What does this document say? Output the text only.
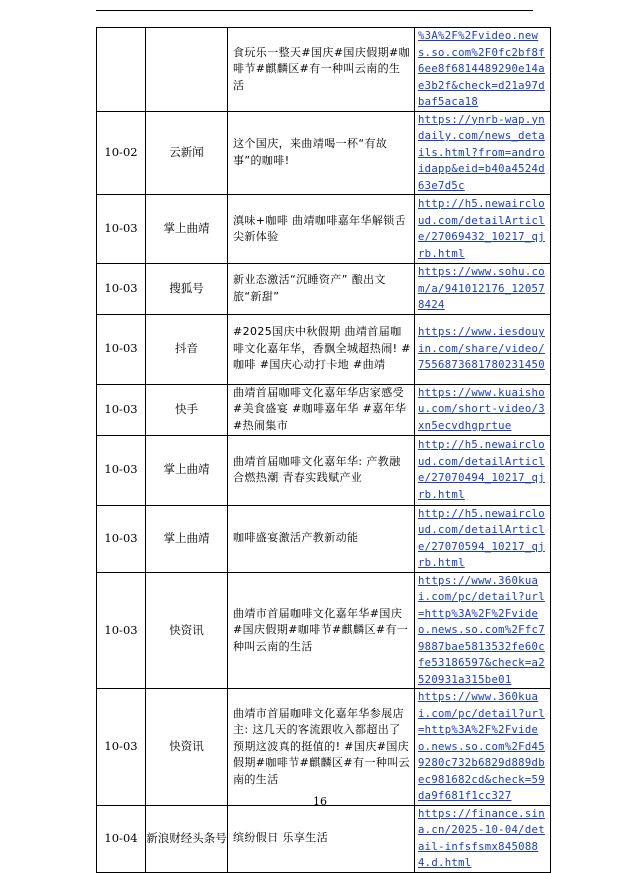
		食玩乐一整天#国庆#国庆假期#咖啡节#麒麟区#有一种叫云南的生活	%3A%2F%2Fvideo.news.so.com%2F0fc2bf8f6ee8f6814489290e14ae3b2f&check=d21a97dbaf5aca18

10-02	云新闻	这个国庆，来曲靖喝一杯“有故事”的咖啡!	https://ynrb-wap.yndaily.com/news_details.html?from=androidapp&eid=b40a4524d63e7d5c

10-03	掌上曲靖	滇味+咖啡 曲靖咖啡嘉年华解锁舌尖新体验	http://h5.newaircloud.com/detailArticle/27069432_10217_qjrb.html

10-03	搜狐号	新业态激活“沉睡资产” 酿出文旅“新甜”	https://www.sohu.com/a/941012176_120578424

10-03	抖音	#2025国庆中秋假期 曲靖首届咖啡文化嘉年华，香飘全城超热闹! #咖啡 #国庆心动打卡地 #曲靖	https://www.iesdouyin.com/share/video/7556873681780231450

10-03	快手	曲靖首届咖啡文化嘉年华店家感受 #美食盛宴 #咖啡嘉年华 #嘉年华 #热闹集市	https://www.kuaishou.com/short-video/3xn5ecvdhgprtue

10-03	掌上曲靖	曲靖首届咖啡文化嘉年华: 产教融合燃热潮 青春实践赋产业	http://h5.newaircloud.com/detailArticle/27070494_10217_qjrb.html

10-03	掌上曲靖	咖啡盛宴激活产教新动能	http://h5.newaircloud.com/detailArticle/27070594_10217_qjrb.html

10-03	快资讯	曲靖市首届咖啡文化嘉年华#国庆#国庆假期#咖啡节#麒麟区#有一种叫云南的生活	https://www.360kuai.com/pc/detail?url=http%3A%2F%2Fvideo.news.so.com%2Ffc79887bae5813532fe60cfe53186597&check=a2520931a315be01

10-03	快资讯	曲靖市首届咖啡文化嘉年华参展店主: 这几天的客流跟收入都超出了预期这波真的挺值的! #国庆#国庆假期#咖啡节#麒麟区#有一种叫云南的生活	https://www.360kuai.com/pc/detail?url=http%3A%2F%2Fvideo.news.so.com%2Fd459280c732b6829d889dbec981682cd&check=59da9f681f1cc327

10-04	新浪财经头条号	缤纷假日 乐享生活	https://finance.sina.cn/2025-10-04/detail-infsfsmx8450884.d.html
16
